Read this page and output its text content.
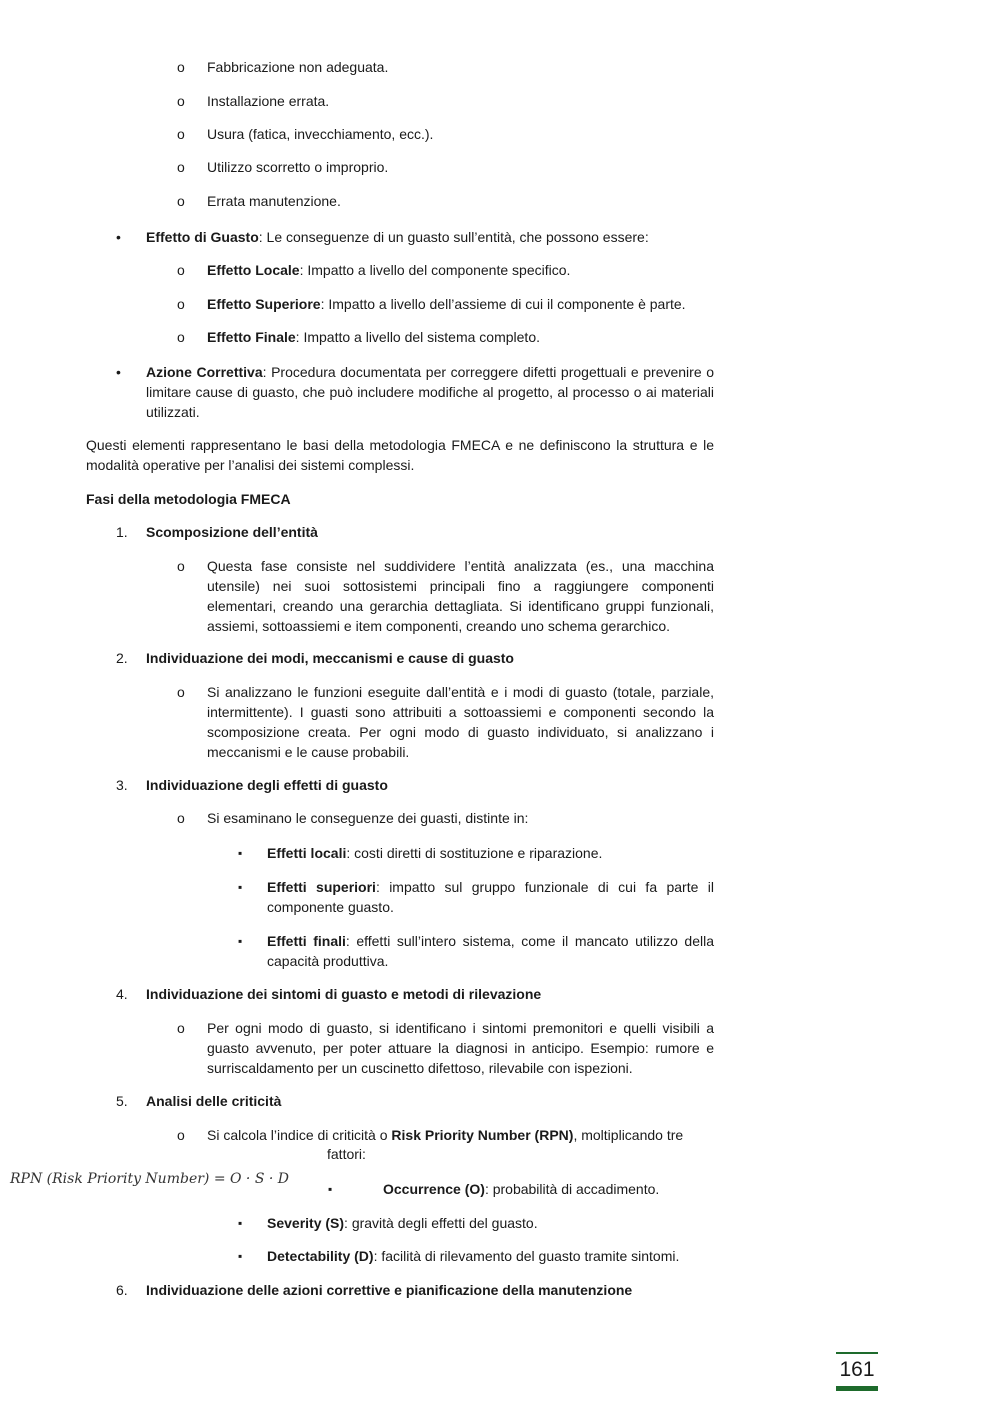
o Fabbricazione non adeguata.

o Installazione errata.

o Usura (fatica, invecchiamento, ecc.).

o Utilizzo scorretto o improprio.

o Errata manutenzione.

• Effetto di Guasto: Le conseguenze di un guasto sull’entità, che possono essere:

o Effetto Locale: Impatto a livello del componente specifico.

o Effetto Superiore: Impatto a livello dell’assieme di cui il componente è parte.

o Effetto Finale: Impatto a livello del sistema completo.

• Azione Correttiva: Procedura documentata per correggere difetti progettuali e prevenire o limitare cause di guasto, che può includere modifiche al progetto, al processo o ai materiali utilizzati.

Questi elementi rappresentano le basi della metodologia FMECA e ne definiscono la struttura e le modalità operative per l’analisi dei sistemi complessi.

Fasi della metodologia FMECA

1. Scomposizione dell’entità

o Questa fase consiste nel suddividere l’entità analizzata (es., una macchina utensile) nei suoi sottosistemi principali fino a raggiungere componenti elementari, creando una gerarchia dettagliata. Si identificano gruppi funzionali, assiemi, sottoassiemi e item componenti, creando uno schema gerarchico.

2. Individuazione dei modi, meccanismi e cause di guasto

o Si analizzano le funzioni eseguite dall’entità e i modi di guasto (totale, parziale, intermittente). I guasti sono attribuiti a sottoassiemi e componenti secondo la scomposizione creata. Per ogni modo di guasto individuato, si analizzano i meccanismi e le cause probabili.

3. Individuazione degli effetti di guasto

o Si esaminano le conseguenze dei guasti, distinte in:

▪ Effetti locali: costi diretti di sostituzione e riparazione.

▪ Effetti superiori: impatto sul gruppo funzionale di cui fa parte il componente guasto.

▪ Effetti finali: effetti sull’intero sistema, come il mancato utilizzo della capacità produttiva.

4. Individuazione dei sintomi di guasto e metodi di rilevazione

o Per ogni modo di guasto, si identificano i sintomi premonitori e quelli visibili a guasto avvenuto, per poter attuare la diagnosi in anticipo. Esempio: rumore e surriscaldamento per un cuscinetto difettoso, rilevabile con ispezioni.

5. Analisi delle criticità

o Si calcola l’indice di criticità o Risk Priority Number (RPN), moltiplicando tre

fattori:

RPN (Risk Priority Number) = O · S · D
▪	Occurrence (O): probabilità di accadimento.

▪ Severity (S): gravità degli effetti del guasto.

▪ Detectability (D): facilità di rilevamento del guasto tramite sintomi.

6. Individuazione delle azioni correttive e pianificazione della manutenzione

161
